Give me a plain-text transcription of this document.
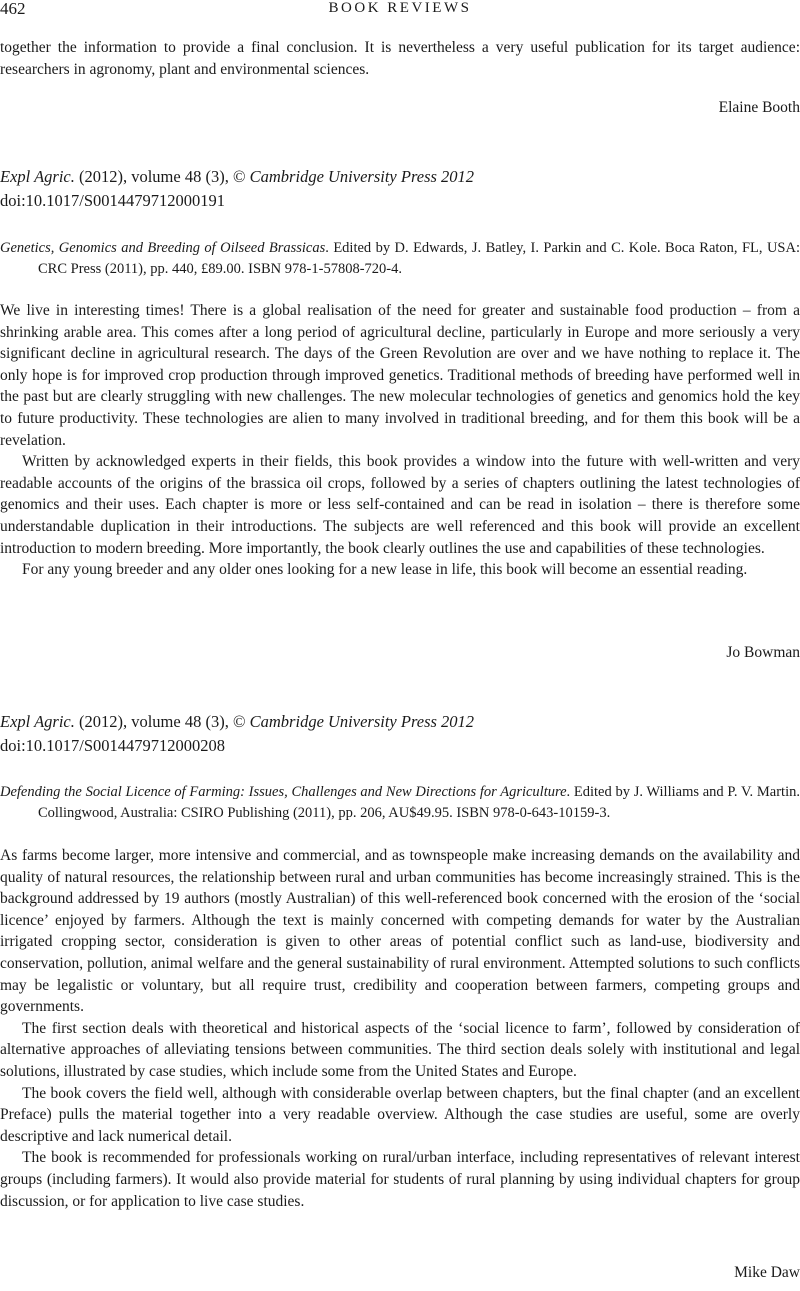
462	BOOK REVIEWS

together the information to provide a final conclusion. It is nevertheless a very useful publication for its target audience: researchers in agronomy, plant and environmental sciences.

Elaine Booth

Expl Agric. (2012), volume 48 (3), © Cambridge University Press 2012
doi:10.1017/S0014479712000191

Genetics, Genomics and Breeding of Oilseed Brassicas. Edited by D. Edwards, J. Batley, I. Parkin and C. Kole. Boca Raton, FL, USA: CRC Press (2011), pp. 440, £89.00. ISBN 978-1-57808-720-4.

We live in interesting times! There is a global realisation of the need for greater and sustainable food production – from a shrinking arable area. This comes after a long period of agricultural decline, particularly in Europe and more seriously a very significant decline in agricultural research. The days of the Green Revolution are over and we have nothing to replace it. The only hope is for improved crop production through improved genetics. Traditional methods of breeding have performed well in the past but are clearly struggling with new challenges. The new molecular technologies of genetics and genomics hold the key to future productivity. These technologies are alien to many involved in traditional breeding, and for them this book will be a revelation.

Written by acknowledged experts in their fields, this book provides a window into the future with well-written and very readable accounts of the origins of the brassica oil crops, followed by a series of chapters outlining the latest technologies of genomics and their uses. Each chapter is more or less self-contained and can be read in isolation – there is therefore some understandable duplication in their introductions. The subjects are well referenced and this book will provide an excellent introduction to modern breeding. More importantly, the book clearly outlines the use and capabilities of these technologies.

For any young breeder and any older ones looking for a new lease in life, this book will become an essential reading.

Jo Bowman

Expl Agric. (2012), volume 48 (3), © Cambridge University Press 2012
doi:10.1017/S0014479712000208

Defending the Social Licence of Farming: Issues, Challenges and New Directions for Agriculture. Edited by J. Williams and P. V. Martin. Collingwood, Australia: CSIRO Publishing (2011), pp. 206, AU$49.95. ISBN 978-0-643-10159-3.

As farms become larger, more intensive and commercial, and as townspeople make increasing demands on the availability and quality of natural resources, the relationship between rural and urban communities has become increasingly strained. This is the background addressed by 19 authors (mostly Australian) of this well-referenced book concerned with the erosion of the ‘social licence’ enjoyed by farmers. Although the text is mainly concerned with competing demands for water by the Australian irrigated cropping sector, consideration is given to other areas of potential conflict such as land-use, biodiversity and conservation, pollution, animal welfare and the general sustainability of rural environment. Attempted solutions to such conflicts may be legalistic or voluntary, but all require trust, credibility and cooperation between farmers, competing groups and governments.

The first section deals with theoretical and historical aspects of the ‘social licence to farm’, followed by consideration of alternative approaches of alleviating tensions between communities. The third section deals solely with institutional and legal solutions, illustrated by case studies, which include some from the United States and Europe.

The book covers the field well, although with considerable overlap between chapters, but the final chapter (and an excellent Preface) pulls the material together into a very readable overview. Although the case studies are useful, some are overly descriptive and lack numerical detail.

The book is recommended for professionals working on rural/urban interface, including representatives of relevant interest groups (including farmers). It would also provide material for students of rural planning by using individual chapters for group discussion, or for application to live case studies.

Mike Daw
